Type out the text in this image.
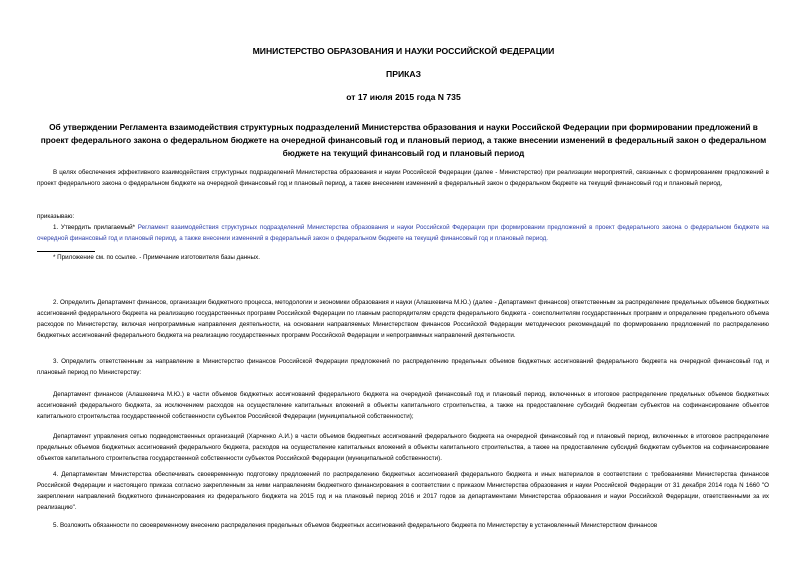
МИНИСТЕРСТВО ОБРАЗОВАНИЯ И НАУКИ РОССИЙСКОЙ ФЕДЕРАЦИИ
ПРИКАЗ
от 17 июля 2015 года N 735

Об утверждении Регламента взаимодействия структурных подразделений Министерства образования и науки Российской Федерации при формировании предложений в проект федерального закона о федеральном бюджете на очередной финансовый год и плановый период, а также внесении изменений в федеральный закон о федеральном бюджете на текущий финансовый год и плановый период

В целях обеспечения эффективного взаимодействия структурных подразделений Министерства образования и науки Российской Федерации (далее - Министерство) при реализации мероприятий, связанных с формированием предложений в проект федерального закона о федеральном бюджете на очередной финансовый год и плановый период, а также внесением изменений в федеральный закон о федеральном бюджете на текущий финансовый год и плановый период,

приказываю:

1. Утвердить прилагаемый* Регламент взаимодействия структурных подразделений Министерства образования и науки Российской Федерации при формировании предложений в проект федерального закона о федеральном бюджете на очередной финансовый год и плановый период, а также внесении изменений в федеральный закон о федеральном бюджете на текущий финансовый год и плановый период.

* Приложение см. по ссылке. - Примечание изготовителя базы данных.

2. Определить Департамент финансов, организации бюджетного процесса, методологии и экономики образования и науки (Алашкевича М.Ю.) (далее - Департамент финансов) ответственным за распределение предельных объемов бюджетных ассигнований федерального бюджета на реализацию государственных программ Российской Федерации по главным распорядителям средств федерального бюджета - соисполнителям государственных программ и определение предельного объема расходов по Министерству, включая непрограммные направления деятельности, на основании направляемых Министерством финансов Российской Федерации методических рекомендаций по формированию предложений по распределению бюджетных ассигнований федерального бюджета на реализацию государственных программ Российской Федерации и непрограммных направлений деятельности.

3. Определить ответственным за направление в Министерство финансов Российской Федерации предложений по распределению предельных объемов бюджетных ассигнований федерального бюджета на очередной финансовый год и плановый период по Министерству:

Департамент финансов (Алашкевича М.Ю.) в части объемов бюджетных ассигнований федерального бюджета на очередной финансовый год и плановый период, включенных в итоговое распределение предельных объемов бюджетных ассигнований федерального бюджета, за исключением расходов на осуществление капитальных вложений в объекты капитального строительства, а также на предоставление субсидий бюджетам субъектов на софинансирование объектов капитального строительства государственной собственности субъектов Российской Федерации (муниципальной собственности);

Департамент управления сетью подведомственных организаций (Харченко А.И.) в части объемов бюджетных ассигнований федерального бюджета на очередной финансовый год и плановый период, включенных в итоговое распределение предельных объемов бюджетных ассигнований федерального бюджета, расходов на осуществление капитальных вложений в объекты капитального строительства, а также на предоставление субсидий бюджетам субъектов на софинансирование объектов капитального строительства государственной собственности субъектов Российской Федерации (муниципальной собственности).

4. Департаментам Министерства обеспечивать своевременную подготовку предложений по распределению бюджетных ассигнований федерального бюджета и иных материалов в соответствии с требованиями Министерства финансов Российской Федерации и настоящего приказа согласно закрепленным за ними направлениям бюджетного финансирования в соответствии с приказом Министерства образования и науки Российской Федерации от 31 декабря 2014 года N 1660 "О закреплении направлений бюджетного финансирования из федерального бюджета на 2015 год и на плановый период 2016 и 2017 годов за департаментами Министерства образования и науки Российской Федерации, ответственными за их реализацию".

5. Возложить обязанности по своевременному внесению распределения предельных объемов бюджетных ассигнований федерального бюджета по Министерству в установленный Министерством финансов
